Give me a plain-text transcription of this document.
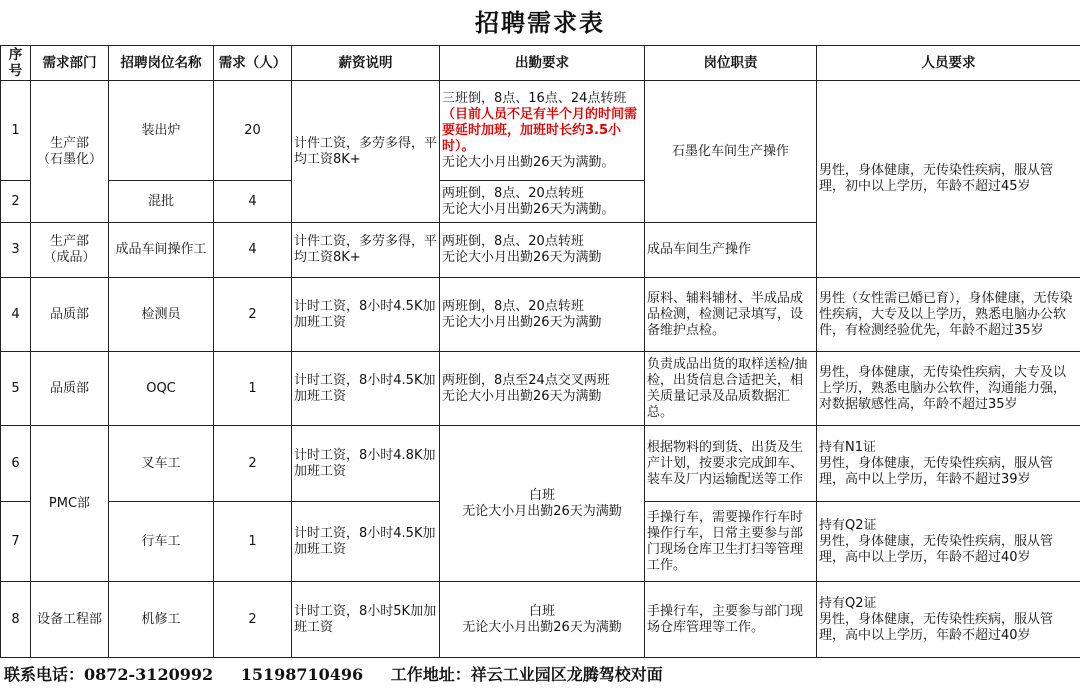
招聘需求表
序号	需求部门	招聘岗位名称	需求（人）	薪资说明	出勤要求	岗位职责	人员要求
1	生产部
（石墨化）	装出炉	20	计件工资，多劳多得，平均工资8K+	三班倒，8点、16点、24点转班
（目前人员不足有半个月的时间需要延时加班，加班时长约3.5小时）。
无论大小月出勤26天为满勤。	石墨化车间生产操作	男性，身体健康，无传染性疾病，服从管理，初中以上学历，年龄不超过45岁
2		混批	4		两班倒，8点、20点转班
无论大小月出勤26天为满勤。		

3	生产部
（成品）	成品车间操作工	4	计件工资，多劳多得，平均工资8K+	两班倒，8点、20点转班
无论大小月出勤26天为满勤	成品车间生产操作	
4	品质部	检测员	2	计时工资，8小时4.5K加加班工资	两班倒，8点、20点转班
无论大小月出勤26天为满勤	原料、辅料辅材、半成品成品检测，检测记录填写，设备维护点检。	男性（女性需已婚已育），身体健康，无传染性疾病，大专及以上学历，熟悉电脑办公软件，有检测经验优先，年龄不超过35岁
5	品质部	OQC	1	计时工资，8小时4.5K加加班工资	两班倒，8点至24点交叉两班
无论大小月出勤26天为满勤	负责成品出货的取样送检/抽检，出货信息合适把关，相关质量记录及品质数据汇总。	男性，身体健康，无传染性疾病，大专及以上学历，熟悉电脑办公软件，沟通能力强，对数据敏感性高，年龄不超过35岁
6	PMC部	叉车工	2	计时工资，8小时4.8K加加班工资	白班
无论大小月出勤26天为满勤	根据物料的到货、出货及生产计划，按要求完成卸车、装车及厂内运输配送等工作	持有N1证
男性，身体健康，无传染性疾病，服从管理，高中以上学历，年龄不超过39岁

7		行车工	1	计时工资，8小时4.5K加加班工资		手操行车，需要操作行车时操作行车，日常主要参与部门现场仓库卫生打扫等管理工作。	持有Q2证
男性，身体健康，无传染性疾病，服从管理，高中以上学历，年龄不超过40岁

8	设备工程部	机修工	2	计时工资，8小时5K加加班工资	白班
无论大小月出勤26天为满勤	手操行车，主要参与部门现场仓库管理等工作。	持有Q2证
男性，身体健康，无传染性疾病，服从管理，高中以上学历，年龄不超过40岁
联系电话：0872-3120992 15198710496 工作地址：祥云工业园区龙腾驾校对面
